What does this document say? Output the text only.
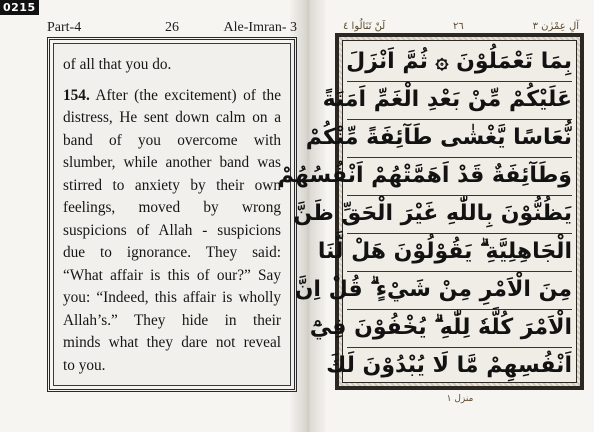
0215
Part-4	26	Ale-Imran- 3
of all that you do.
154. After (the excitement) of the
distress, He sent down calm on a
band of you overcome with
slumber, while another band was
stirred to anxiety by their own
feelings, moved by wrong
suspicions of Allah - suspicions
due to ignorance. They said:
“What affair is this of our?” Say
you: “Indeed, this affair is wholly
Allah’s.” They hide in their
minds what they dare not reveal
to you.
لَنْ تَنَالُوا ٤	٢٦	آلِ عِمْرٰن ٣
بِمَا تَعْمَلُوْنَ ۞ ثُمَّ اَنْزَلَ
عَلَيْكُمْ مِّنْ بَعْدِ الْغَمِّ اَمَنَةً
نُّعَاسًا يَّغْشٰى طَآئِفَةً مِّنْكُمْ
وَطَآئِفَةٌ قَدْ اَهَمَّتْهُمْ اَنْفُسُهُمْ
يَظُنُّوْنَ بِاللّٰهِ غَيْرَ الْحَقِّ ظَنَّ
الْجَاهِلِيَّةِ ۗ يَقُوْلُوْنَ هَلْ لَّنَا
مِنَ الْاَمْرِ مِنْ شَيْءٍ ۗ قُلْ اِنَّ
الْاَمْرَ كُلَّهٗ لِلّٰهِ ۗ يُخْفُوْنَ فِيْٓ
اَنْفُسِهِمْ مَّا لَا يُبْدُوْنَ لَكَ
منزل ١
